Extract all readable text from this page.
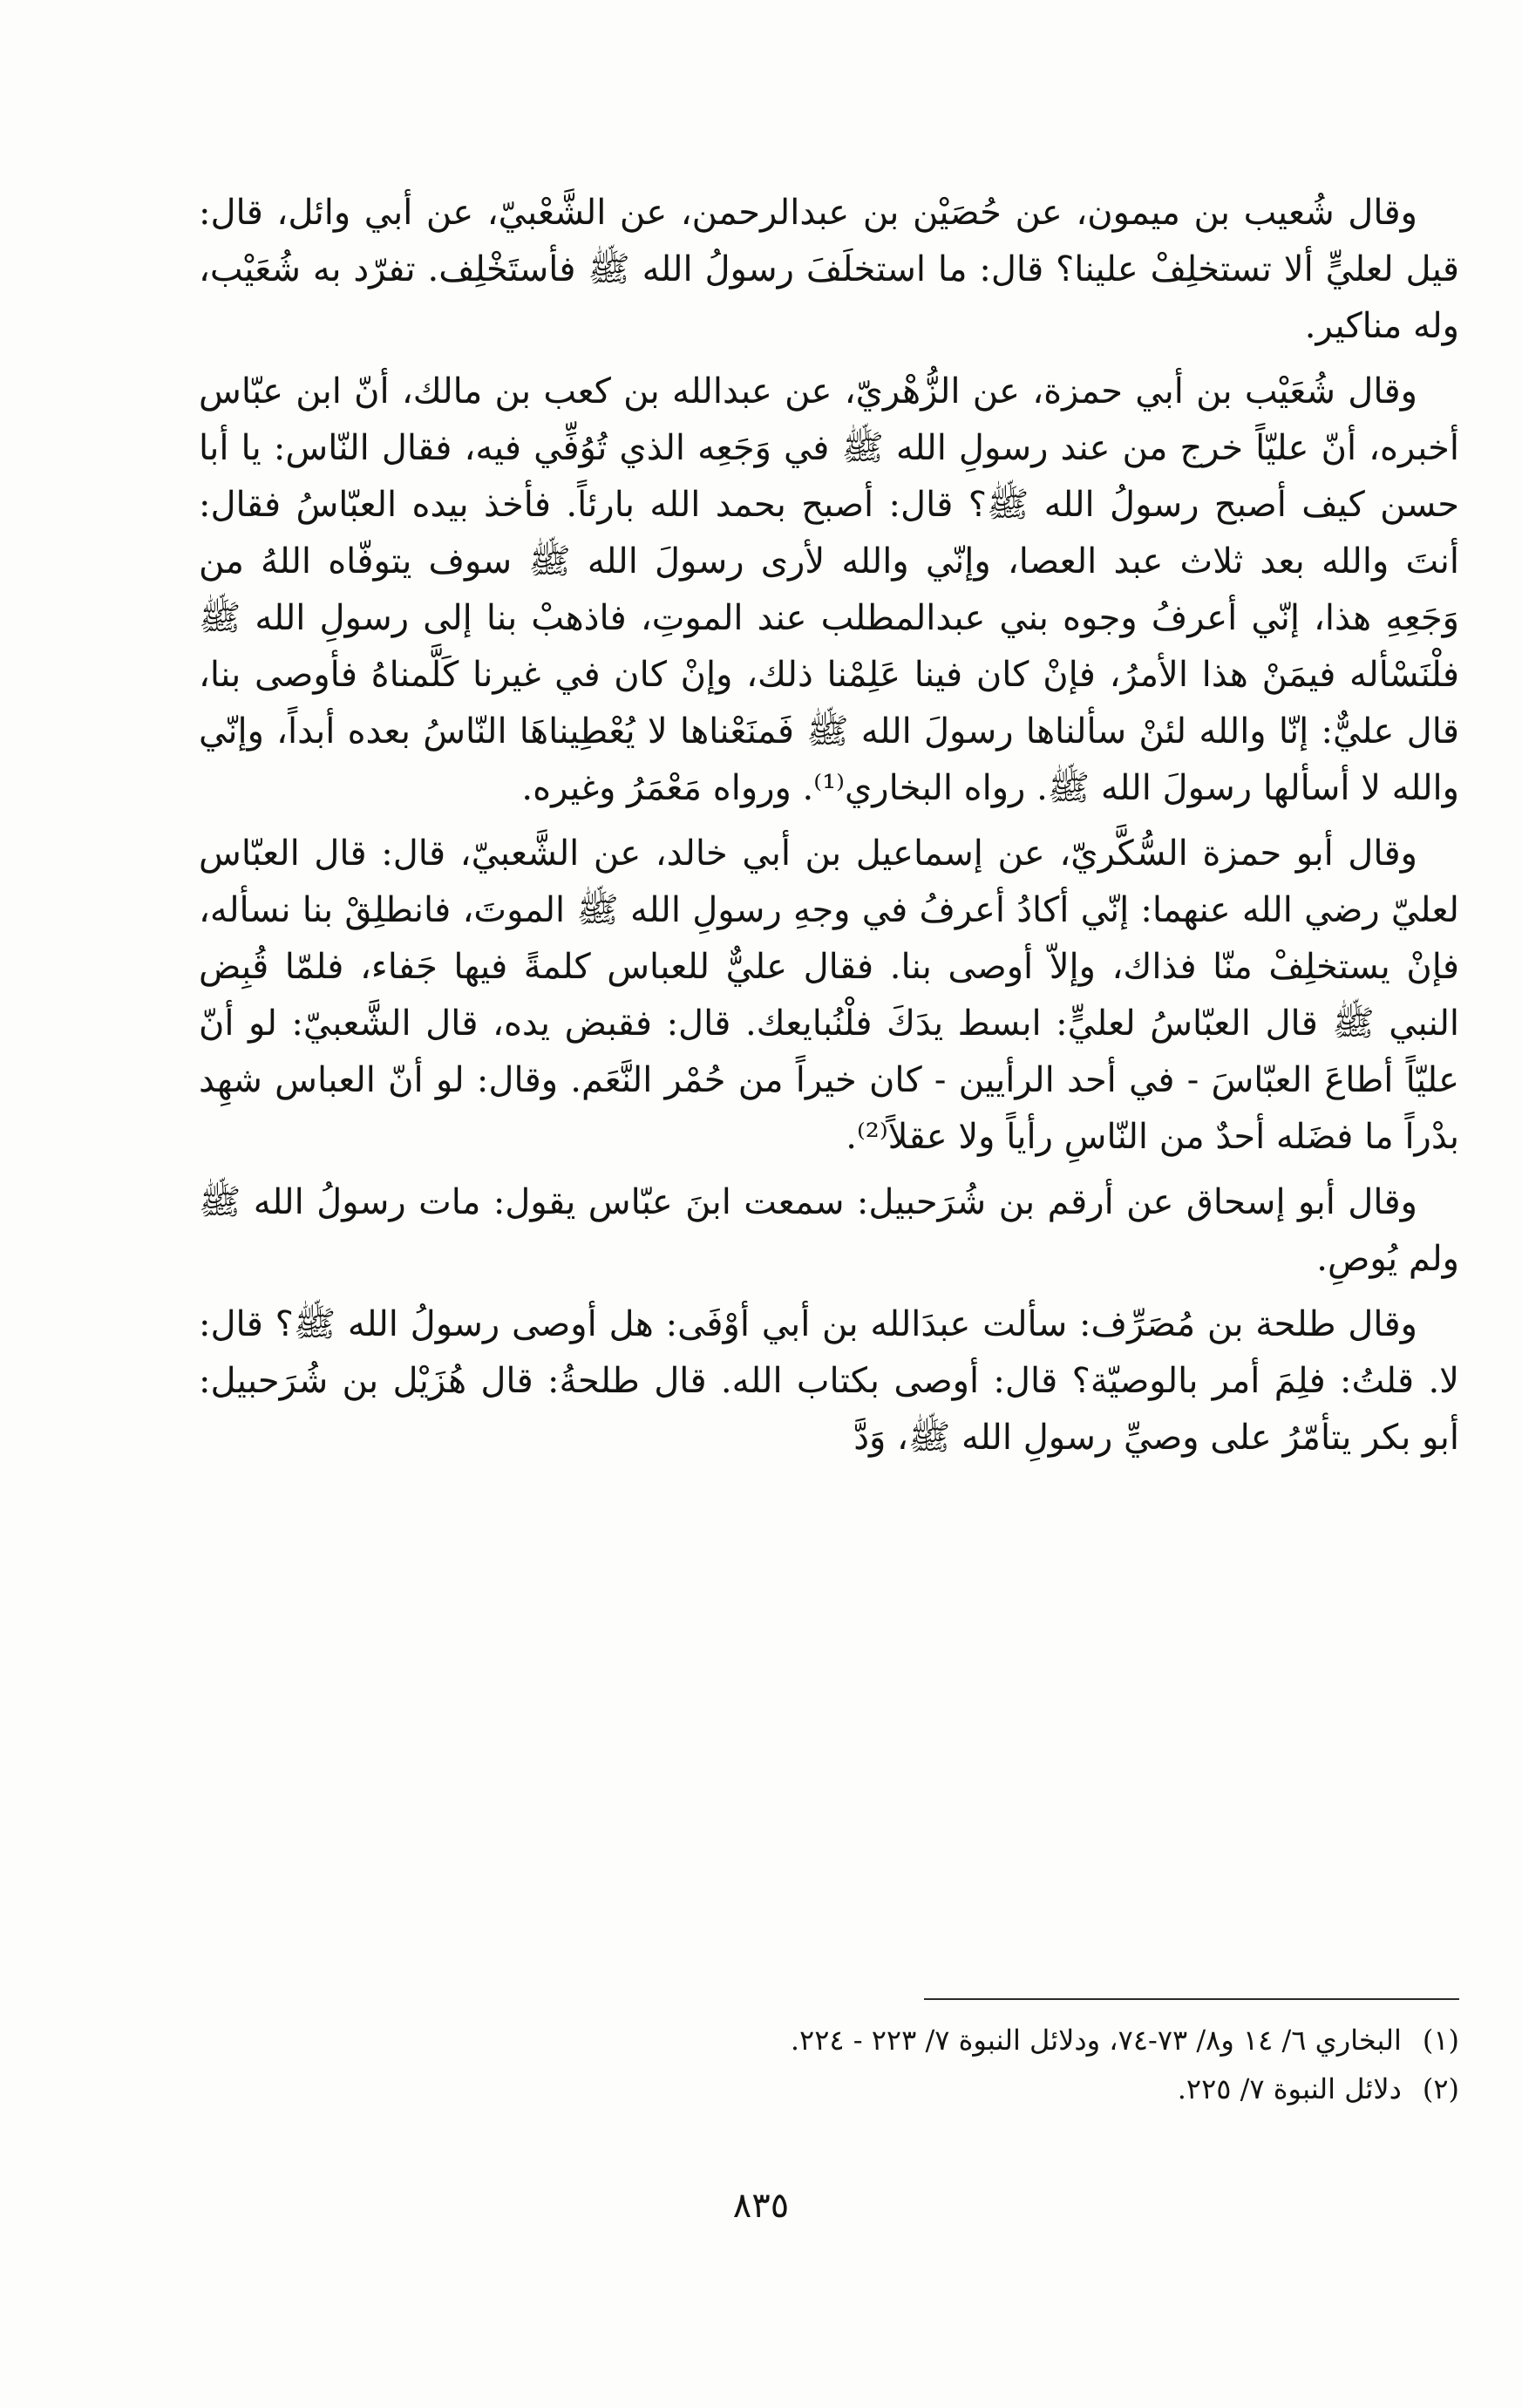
وقال شُعيب بن ميمون، عن حُصَيْن بن عبدالرحمن، عن الشَّعْبيّ، عن أبي وائل، قال: قيل لعليٍّ ألا تستخلِفْ علينا؟ قال: ما استخلَفَ رسولُ الله ﷺ فأستَخْلِف. تفرّد به شُعَيْب، وله مناكير.

وقال شُعَيْب بن أبي حمزة، عن الزُّهْريّ، عن عبدالله بن كعب بن مالك، أنّ ابن عبّاس أخبره، أنّ عليّاً خرج من عند رسولِ الله ﷺ في وَجَعِه الذي تُوُفِّي فيه، فقال النّاس: يا أبا حسن كيف أصبح رسولُ الله ﷺ؟ قال: أصبح بحمد الله بارئاً. فأخذ بيده العبّاسُ فقال: أنتَ والله بعد ثلاث عبد العصا، وإنّي والله لأرى رسولَ الله ﷺ سوف يتوفّاه اللهُ من وَجَعِهِ هذا، إنّي أعرفُ وجوه بني عبدالمطلب عند الموتِ، فاذهبْ بنا إلى رسولِ الله ﷺ فلْنَسْأله فيمَنْ هذا الأمرُ، فإنْ كان فينا عَلِمْنا ذلك، وإنْ كان في غيرنا كَلَّمناهُ فأوصى بنا، قال عليٌّ: إنّا والله لئنْ سألناها رسولَ الله ﷺ فَمنَعْناها لا يُعْطِيناهَا النّاسُ بعده أبداً، وإنّي والله لا أسألها رسولَ الله ﷺ. رواه البخاري⁽¹⁾. ورواه مَعْمَرُ وغيره.

وقال أبو حمزة السُّكَّريّ، عن إسماعيل بن أبي خالد، عن الشَّعبيّ، قال: قال العبّاس لعليّ رضي الله عنهما: إنّي أكادُ أعرفُ في وجهِ رسولِ الله ﷺ الموتَ، فانطلِقْ بنا نسأله، فإنْ يستخلِفْ منّا فذاك، وإلاّ أوصى بنا. فقال عليٌّ للعباس كلمةً فيها جَفاء، فلمّا قُبِض النبي ﷺ قال العبّاسُ لعليٍّ: ابسط يدَكَ فلْنُبايعك. قال: فقبض يده، قال الشَّعبيّ: لو أنّ عليّاً أطاعَ العبّاسَ - في أحد الرأيين - كان خيراً من حُمْر النَّعَم. وقال: لو أنّ العباس شهِد بدْراً ما فضَله أحدٌ من النّاسِ رأياً ولا عقلاً⁽²⁾.

وقال أبو إسحاق عن أرقم بن شُرَحبيل: سمعت ابنَ عبّاس يقول: مات رسولُ الله ﷺ ولم يُوصِ.

وقال طلحة بن مُصَرِّف: سألت عبدَالله بن أبي أوْفَى: هل أوصى رسولُ الله ﷺ؟ قال: لا. قلتُ: فلِمَ أمر بالوصيّة؟ قال: أوصى بكتاب الله. قال طلحةُ: قال هُزَيْل بن شُرَحبيل: أبو بكر يتأمّرُ على وصيِّ رسولِ الله ﷺ، وَدَّ

(١)
البخاري ٦/ ١٤ و٨/ ٧٣-٧٤، ودلائل النبوة ٧/ ٢٢٣ - ٢٢٤.
(٢)
دلائل النبوة ٧/ ٢٢٥.
٨٣٥
